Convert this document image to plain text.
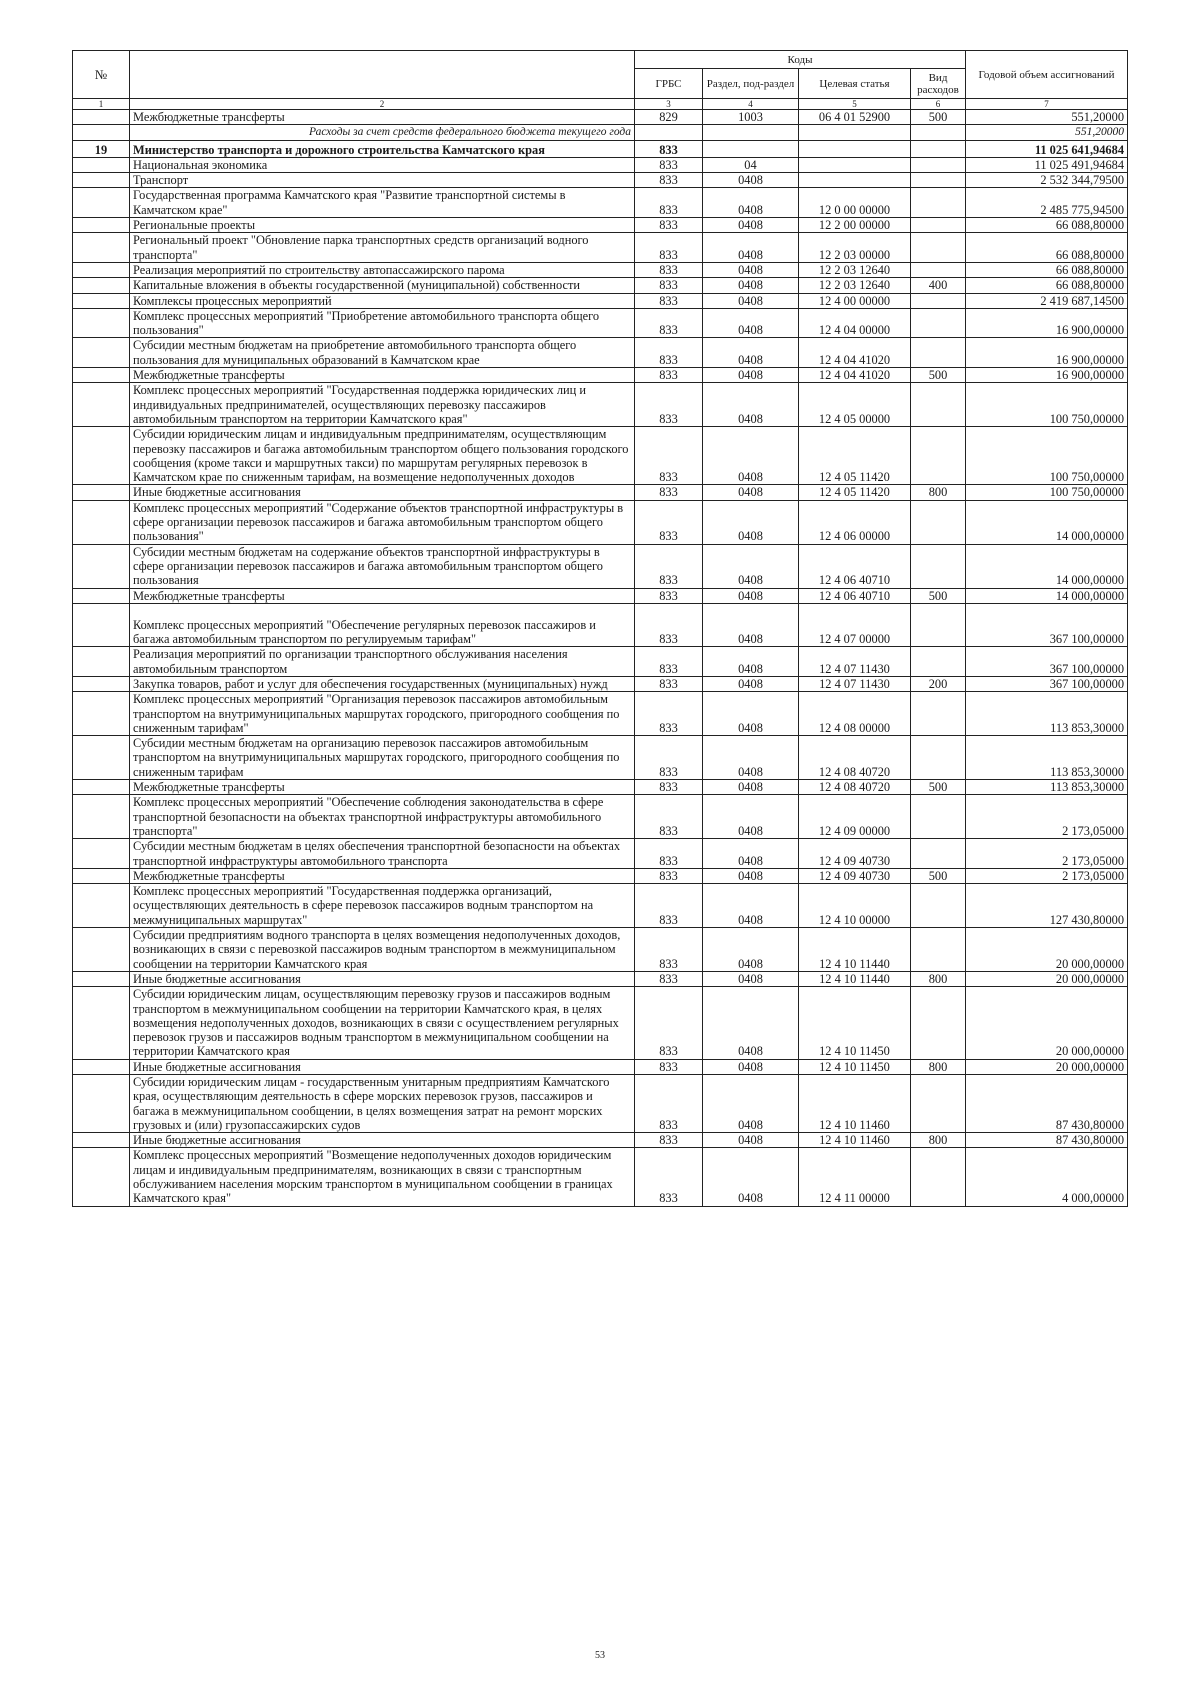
№		Коды				Годовой объем ассигнований
		ГРБС	Раздел, под-раздел	Целевая статья	Вид расходов	
1	2	3	4	5	6	7
	Межбюджетные трансферты	829	1003	06 4 01 52900	500	551,20000
	Расходы за счет средств федерального бюджета текущего года					551,20000
19	Министерство транспорта и дорожного строительства Камчатского края	833				11 025 641,94684
	Национальная экономика	833	04			11 025 491,94684
	Транспорт	833	0408			2 532 344,79500
	Государственная программа Камчатского края "Развитие транспортной системы в Камчатском крае"	833	0408	12 0 00 00000		2 485 775,94500
	Региональные проекты	833	0408	12 2 00 00000		66 088,80000
	Региональный проект "Обновление парка транспортных средств организаций водного транспорта"	833	0408	12 2 03 00000		66 088,80000
	Реализация мероприятий по строительству автопассажирского парома	833	0408	12 2 03 12640		66 088,80000
	Капитальные вложения в объекты государственной (муниципальной) собственности	833	0408	12 2 03 12640	400	66 088,80000
	Комплексы процессных мероприятий	833	0408	12 4 00 00000		2 419 687,14500
	Комплекс процессных мероприятий "Приобретение автомобильного транспорта общего пользования"	833	0408	12 4 04 00000		16 900,00000
	Субсидии местным бюджетам на приобретение автомобильного транспорта общего пользования для муниципальных образований в Камчатском крае	833	0408	12 4 04 41020		16 900,00000
	Межбюджетные трансферты	833	0408	12 4 04 41020	500	16 900,00000
	Комплекс процессных мероприятий "Государственная поддержка юридических лиц и индивидуальных предпринимателей, осуществляющих перевозку пассажиров автомобильным транспортом на территории Камчатского края"	833	0408	12 4 05 00000		100 750,00000
	Субсидии юридическим лицам и индивидуальным предпринимателям, осуществляющим перевозку пассажиров и багажа автомобильным транспортом общего пользования городского сообщения (кроме такси и маршрутных такси) по маршрутам регулярных перевозок в Камчатском крае по сниженным тарифам, на возмещение недополученных доходов	833	0408	12 4 05 11420		100 750,00000
	Иные бюджетные ассигнования	833	0408	12 4 05 11420	800	100 750,00000
	Комплекс процессных мероприятий "Содержание объектов транспортной инфраструктуры в сфере организации перевозок пассажиров и багажа автомобильным транспортом общего пользования"	833	0408	12 4 06 00000		14 000,00000
	Субсидии местным бюджетам на содержание объектов транспортной инфраструктуры в сфере организации перевозок пассажиров и багажа автомобильным транспортом общего пользования	833	0408	12 4 06 40710		14 000,00000
	Межбюджетные трансферты	833	0408	12 4 06 40710	500	14 000,00000
	Комплекс процессных мероприятий "Обеспечение регулярных перевозок пассажиров и багажа автомобильным транспортом по регулируемым тарифам"	833	0408	12 4 07 00000		367 100,00000
	Реализация мероприятий по организации транспортного обслуживания населения автомобильным транспортом	833	0408	12 4 07 11430		367 100,00000
	Закупка товаров, работ и услуг для обеспечения государственных (муниципальных) нужд	833	0408	12 4 07 11430	200	367 100,00000
	Комплекс процессных мероприятий "Организация перевозок пассажиров автомобильным транспортом на внутримуниципальных маршрутах городского, пригородного сообщения по сниженным тарифам"	833	0408	12 4 08 00000		113 853,30000
	Субсидии местным бюджетам на организацию перевозок пассажиров автомобильным транспортом на внутримуниципальных маршрутах городского, пригородного сообщения по сниженным тарифам	833	0408	12 4 08 40720		113 853,30000
	Межбюджетные трансферты	833	0408	12 4 08 40720	500	113 853,30000
	Комплекс процессных мероприятий "Обеспечение соблюдения законодательства в сфере транспортной безопасности на объектах транспортной инфраструктуры автомобильного транспорта"	833	0408	12 4 09 00000		2 173,05000
	Субсидии местным бюджетам в целях обеспечения транспортной безопасности на объектах транспортной инфраструктуры автомобильного транспорта	833	0408	12 4 09 40730		2 173,05000
	Межбюджетные трансферты	833	0408	12 4 09 40730	500	2 173,05000
	Комплекс процессных мероприятий "Государственная поддержка организаций, осуществляющих деятельность в сфере перевозок пассажиров водным транспортом на межмуниципальных маршрутах"	833	0408	12 4 10 00000		127 430,80000
	Субсидии предприятиям водного транспорта в целях возмещения недополученных доходов, возникающих в связи с перевозкой пассажиров водным транспортом в межмуниципальном сообщении на территории Камчатского края	833	0408	12 4 10 11440		20 000,00000
	Иные бюджетные ассигнования	833	0408	12 4 10 11440	800	20 000,00000
	Субсидии юридическим лицам, осуществляющим перевозку грузов и пассажиров водным транспортом в межмуниципальном сообщении на территории Камчатского края, в целях возмещения недополученных доходов, возникающих в связи с осуществлением регулярных перевозок грузов и пассажиров водным транспортом в межмуниципальном сообщении на территории Камчатского края	833	0408	12 4 10 11450		20 000,00000
	Иные бюджетные ассигнования	833	0408	12 4 10 11450	800	20 000,00000
	Субсидии юридическим лицам - государственным унитарным предприятиям Камчатского края, осуществляющим деятельность в сфере морских перевозок грузов, пассажиров и багажа в межмуниципальном сообщении, в целях возмещения затрат на ремонт морских грузовых и (или) грузопассажирских судов	833	0408	12 4 10 11460		87 430,80000
	Иные бюджетные ассигнования	833	0408	12 4 10 11460	800	87 430,80000
	Комплекс процессных мероприятий "Возмещение недополученных доходов юридическим лицам и индивидуальным предпринимателям, возникающих в связи с транспортным обслуживанием населения морским транспортом в муниципальном сообщении в границах Камчатского края"	833	0408	12 4 11 00000		4 000,00000
53
